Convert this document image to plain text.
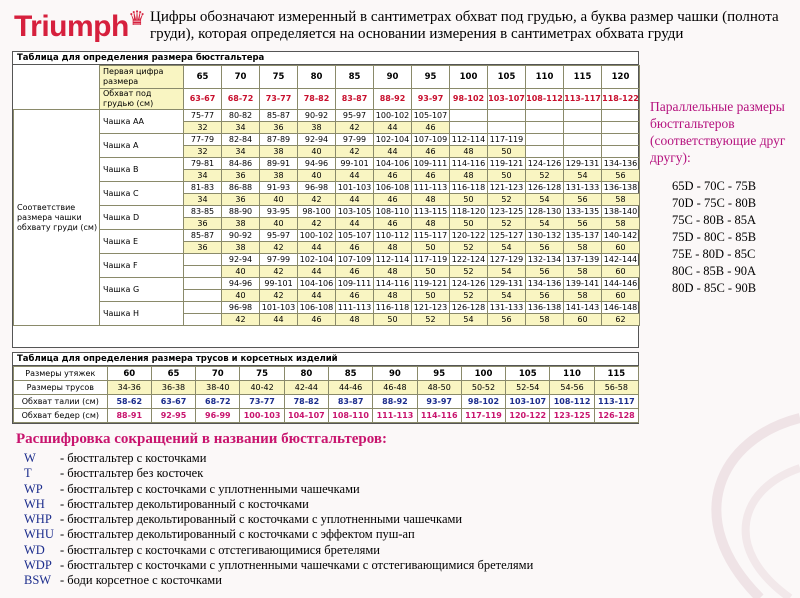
Triumph ♛ Цифры обозначают измеренный в сантиметрах обхват под грудью, а буква размер чашки (полнота груди), которая определяется на основании измерения в сантиметрах обхвата груди
Таблица для определения размера бюстгальтера
	Первая цифра размера	65	70	75	80	85	90	95	100	105	110	115	120
	Обхват под грудью (см)	63-67	68-72	73-77	78-82	83-87	88-92	93-97	98-102	103-107	108-112	113-117	118-122
Соответствие размера чашки обхвату груди (см)	Чашка АА	75-77	80-82	85-87	90-92	95-97	100-102	105-107					
		32	34	36	38	42	44	46					
	Чашка A	77-79	82-84	87-89	92-94	97-99	102-104	107-109	112-114	117-119			
		32	34	38	40	42	44	46	48	50			
	Чашка B	79-81	84-86	89-91	94-96	99-101	104-106	109-111	114-116	119-121	124-126	129-131	134-136
		34	36	38	40	44	46	46	48	50	52	54	56
	Чашка C	81-83	86-88	91-93	96-98	101-103	106-108	111-113	116-118	121-123	126-128	131-133	136-138
		34	36	40	42	44	46	48	50	52	54	56	58
	Чашка D	83-85	88-90	93-95	98-100	103-105	108-110	113-115	118-120	123-125	128-130	133-135	138-140
		36	38	40	42	44	46	48	50	52	54	56	58
	Чашка E	85-87	90-92	95-97	100-102	105-107	110-112	115-117	120-122	125-127	130-132	135-137	140-142
		36	38	42	44	46	48	50	52	54	56	58	60
	Чашка F		92-94	97-99	102-104	107-109	112-114	117-119	122-124	127-129	132-134	137-139	142-144
			40	42	44	46	48	50	52	54	56	58	60
	Чашка G		94-96	99-101	104-106	109-111	114-116	119-121	124-126	129-131	134-136	139-141	144-146
			40	42	44	46	48	50	52	54	56	58	60
	Чашка H		96-98	101-103	106-108	111-113	116-118	121-123	126-128	131-133	136-138	141-143	146-148
			42	44	46	48	50	52	54	56	58	60	62
Таблица для определения размера трусов и корсетных изделий
Размеры утяжек	60	65	70	75	80	85	90	95	100	105	110	115
Размеры трусов	34-36	36-38	38-40	40-42	42-44	44-46	46-48	48-50	50-52	52-54	54-56	56-58
Обхват талии (см)	58-62	63-67	68-72	73-77	78-82	83-87	88-92	93-97	98-102	103-107	108-112	113-117
Обхват бедер (см)	88-91	92-95	96-99	100-103	104-107	108-110	111-113	114-116	117-119	120-122	123-125	126-128
Параллельные размеры бюстгальтеров (соответствующие друг другу):
65D - 70C - 75B
70D - 75C - 80B
75C - 80B - 85A
75D - 80C - 85B
75E - 80D - 85C
80C - 85B - 90A
80D - 85C - 90B
Расшифровка сокращений в названии бюстгальтеров:
W - бюстгальтер с косточками
T - бюстгальтер без косточек
WP - бюстгальтер с косточками с уплотненными чашечками
WH - бюстгальтер декольтированный с косточками
WHP - бюстгальтер декольтированный с косточками с уплотненными чашечками
WHU - бюстгальтер декольтированный с косточками с эффектом пуш-ап
WD - бюстгальтер с косточками с отстегивающимися бретелями
WDP - бюстгальтер с косточками с уплотненными чашечками с отстегивающимися бретелями
BSW - боди корсетное с косточками
